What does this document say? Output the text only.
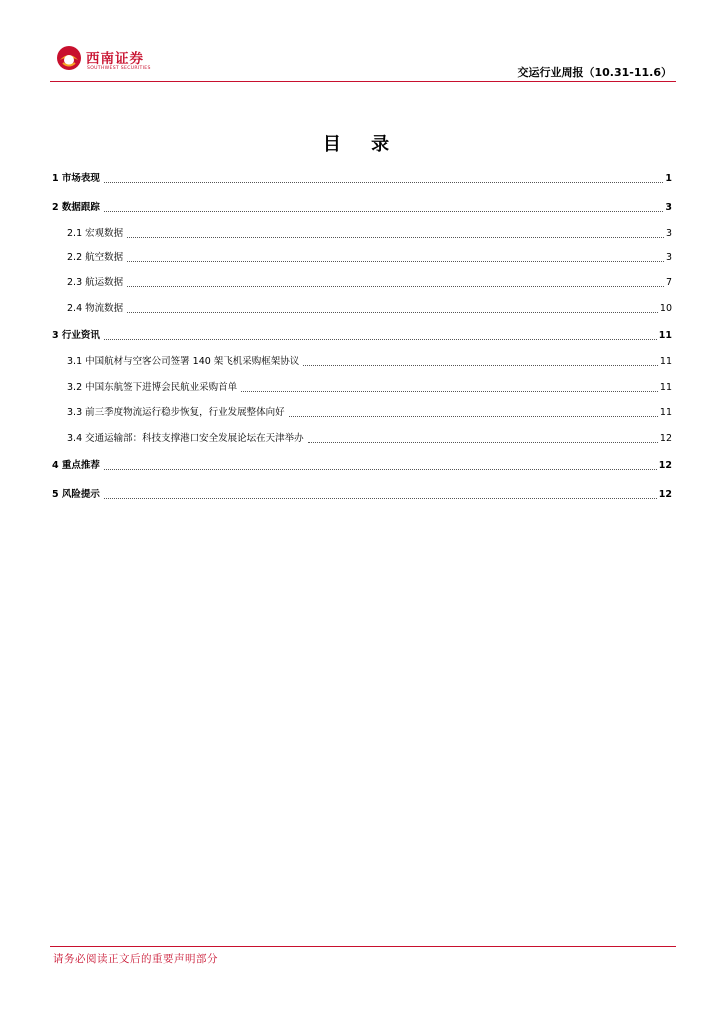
西南证券
SOUTHWEST SECURITIES	交运行业周报（10.31-11.6）
目 录
1 市场表现	1
2 数据跟踪	3
2.1 宏观数据	3
2.2 航空数据	3
2.3 航运数据	7
2.4 物流数据	10
3 行业资讯	11
3.1 中国航材与空客公司签署 140 架飞机采购框架协议	11
3.2 中国东航签下进博会民航业采购首单	11
3.3 前三季度物流运行稳步恢复，行业发展整体向好	11
3.4 交通运输部：科技支撑港口安全发展论坛在天津举办	12
4 重点推荐	12
5 风险提示	12
请务必阅读正文后的重要声明部分
